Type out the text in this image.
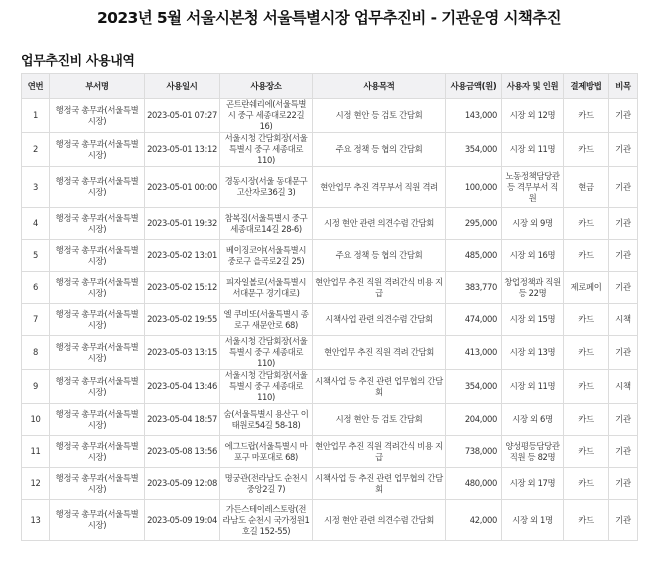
2023년 5월 서울시본청 서울특별시장 업무추진비 - 기관운영 시책추진
업무추진비 사용내역
연번	부서명	사용일시	사용장소	사용목적	사용금액(원)	사용자 및 인원	결제방법	비목
1	행정국 총무과(서울특별시장)	2023-05-01 07:27	곤트란쉐리에(서울특별시 중구 세종대로22길 16)	시정 현안 등 검토 간담회	143,000	시장 외 12명	카드	기관
2	행정국 총무과(서울특별시장)	2023-05-01 13:12	서울시청 간담회장(서울특별시 중구 세종대로 110)	주요 정책 등 협의 간담회	354,000	시장 외 11명	카드	기관
3	행정국 총무과(서울특별시장)	2023-05-01 00:00	경동시장(서울 동대문구 고산자로36길 3)	현안업무 추진 격무부서 직원 격려	100,000	노동정책담당관 등 격무부서 직원	현금	기관
4	행정국 총무과(서울특별시장)	2023-05-01 19:32	참복집(서울특별시 중구 세종대로14길 28-6)	시정 현안 관련 의견수렴 간담회	295,000	시장 외 9명	카드	기관
5	행정국 총무과(서울특별시장)	2023-05-02 13:01	베이징코야(서울특별시 중로구 을곡로2길 25)	주요 정책 등 협의 간담회	485,000	시장 외 16명	카드	기관
6	행정국 총무과(서울특별시장)	2023-05-02 15:12	피자일볼로(서울특별시 서대문구 경기대로)	현안업무 추진 직원 격려간식 비용 지급	383,770	창업정책과 직원 등 22명	제로페이	기관
7	행정국 총무과(서울특별시장)	2023-05-02 19:55	엘 쿠비또(서울특별시 종로구 새문안로 68)	시책사업 관련 의견수렴 간담회	474,000	시장 외 15명	카드	시책
8	행정국 총무과(서울특별시장)	2023-05-03 13:15	서울시청 간담회장(서울특별시 중구 세종대로 110)	현안업무 추진 직원 격려 간담회	413,000	시장 외 13명	카드	기관
9	행정국 총무과(서울특별시장)	2023-05-04 13:46	서울시청 간담회장(서울특별시 중구 세종대로 110)	시책사업 등 추진 관련 업무협의 간담회	354,000	시장 외 11명	카드	시책
10	행정국 총무과(서울특별시장)	2023-05-04 18:57	숨(서울특별시 용산구 이태원로54길 58-18)	시정 현안 등 검토 간담회	204,000	시장 외 6명	카드	기관
11	행정국 총무과(서울특별시장)	2023-05-08 13:56	에그드랍(서울특별시 마포구 마포대로 68)	현안업무 추진 직원 격려간식 비용 지급	738,000	양성평등담당관 직원 등 82명	카드	기관
12	행정국 총무과(서울특별시장)	2023-05-09 12:08	명궁관(전라남도 순천시 중앙2길 7)	시책사업 등 추진 관련 업무협의 간담회	480,000	시장 외 17명	카드	기관
13	행정국 총무과(서울특별시장)	2023-05-09 19:04	가든스테이레스토랑(전라남도 순천시 국가정원1호길 152-55)	시정 현안 관련 의견수렴 간담회	42,000	시장 외 1명	카드	기관
